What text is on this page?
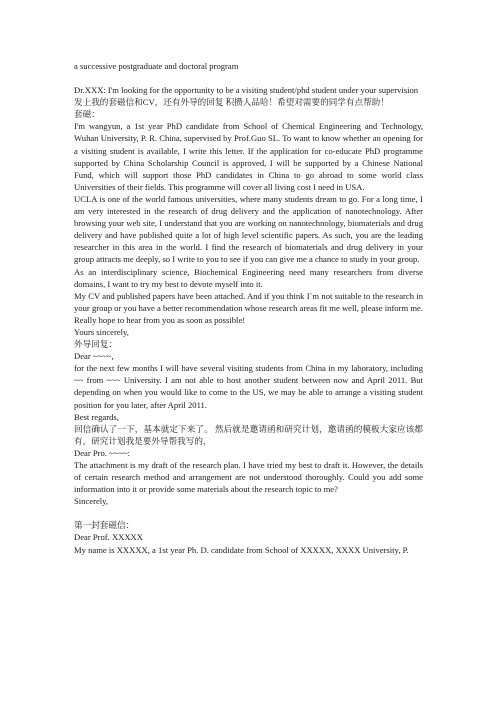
a successive postgraduate and doctoral program

Dr.XXX: I'm looking for the opportunity to be a visiting student/phd student under your supervision

发上我的套磁信和CV，还有外导的回复 积攒人品哈！希望对需要的同学有点帮助！

套磁：

I'm wangyun, a 1st year PhD candidate from School of Chemical Engineering and Technology, Wuhan University, P. R. China, supervised by Prof.Guo SL. To want to know whether an opening for a visiting student is available, I write this letter. If the application for co-educate PhD programme supported by China Scholarship Council is approved, I will be supported by a Chinese National Fund, which will support those PhD candidates in China to go abroad to some world class Universities of their fields. This programme will cover all living cost I need in USA.

UCLA is one of the world famous universities, where many students dream to go. For a long time, I am very interested in the research of drug delivery and the application of nanotechnology. After browsing your web site, I understand that you are working on nanotechnology, biomaterials and drug delivery and have published quite a lot of high level scientific papers. As such, you are the leading researcher in this area in the world. I find the research of biomaterials and drug delivery in your group attracts me deeply, so I write to you to see if you can give me a chance to study in your group.

As an interdisciplinary science, Biochemical Engineering need many researchers from diverse domains, I want to try my best to devote myself into it.

My CV and published papers have been attached. And if you think I`m not suitable to the research in your group or you have a better recommendation whose research areas fit me well, please inform me. Really hope to hear from you as soon as possible!

Yours sincerely,

外导回复：

Dear ~~~~,

for the next few months I will have several visiting students from China in my laboratory, including ~~ from ~~~ University. I am not able to host another student between now and April 2011. But depending on when you would like to come to the US, we may be able to arrange a visiting student position for you later, after April 2011.

Best regards,

回信确认了一下，基本就定下来了。 然后就是邀请函和研究计划，邀请函的模板大家应该都有，研究计划我是要外导帮我写的，

Dear Pro. ~~~~:

The attachment is my draft of the research plan. I have tried my best to draft it. However, the details of certain research method and arrangement are not understood thoroughly. Could you add some information into it or provide some materials about the research topic to me?

Sincerely,

第一封套磁信：

Dear Prof. XXXXX

My name is XXXXX, a 1st year Ph. D. candidate from School of XXXXX, XXXX University, P.
